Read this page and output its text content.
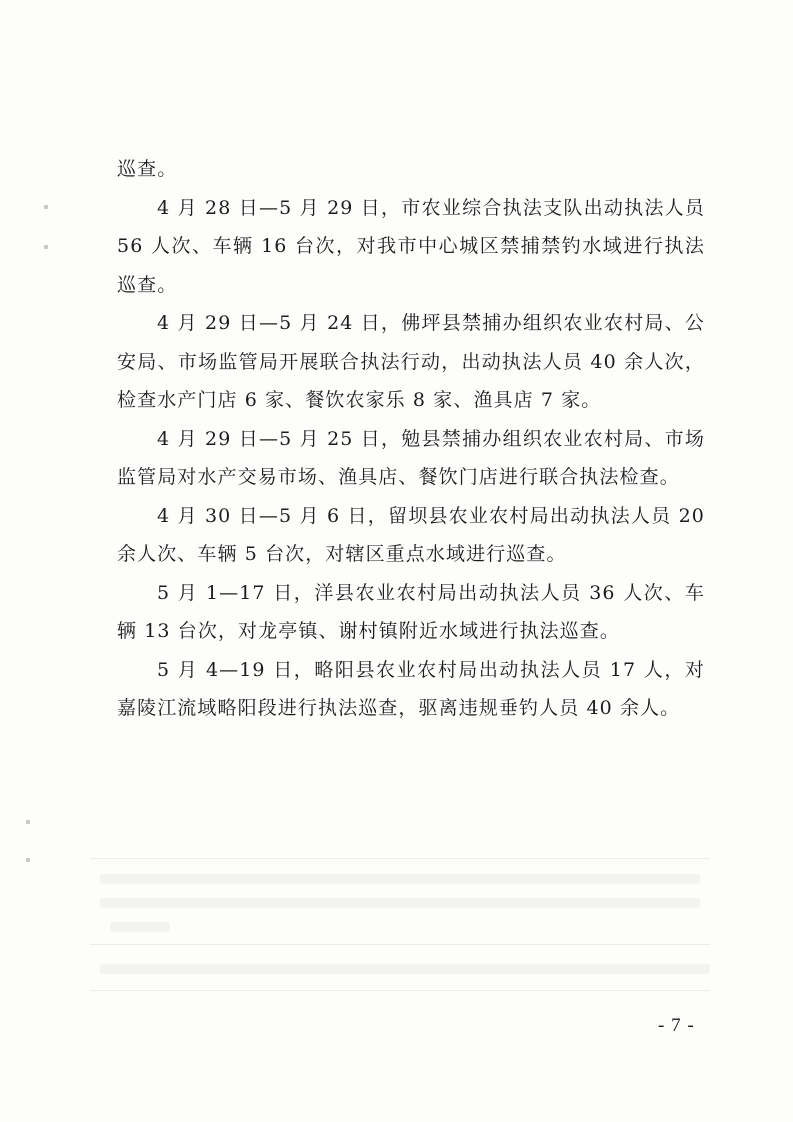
巡查。

4 月 28 日—5 月 29 日，市农业综合执法支队出动执法人员 56 人次、车辆 16 台次，对我市中心城区禁捕禁钓水域进行执法巡查。

4 月 29 日—5 月 24 日，佛坪县禁捕办组织农业农村局、公安局、市场监管局开展联合执法行动，出动执法人员 40 余人次，检查水产门店 6 家、餐饮农家乐 8 家、渔具店 7 家。

4 月 29 日—5 月 25 日，勉县禁捕办组织农业农村局、市场监管局对水产交易市场、渔具店、餐饮门店进行联合执法检查。

4 月 30 日—5 月 6 日，留坝县农业农村局出动执法人员 20 余人次、车辆 5 台次，对辖区重点水域进行巡查。

5 月 1—17 日，洋县农业农村局出动执法人员 36 人次、车辆 13 台次，对龙亭镇、谢村镇附近水域进行执法巡查。

5 月 4—19 日，略阳县农业农村局出动执法人员 17 人，对嘉陵江流域略阳段进行执法巡查，驱离违规垂钓人员 40 余人。

- 7 -
